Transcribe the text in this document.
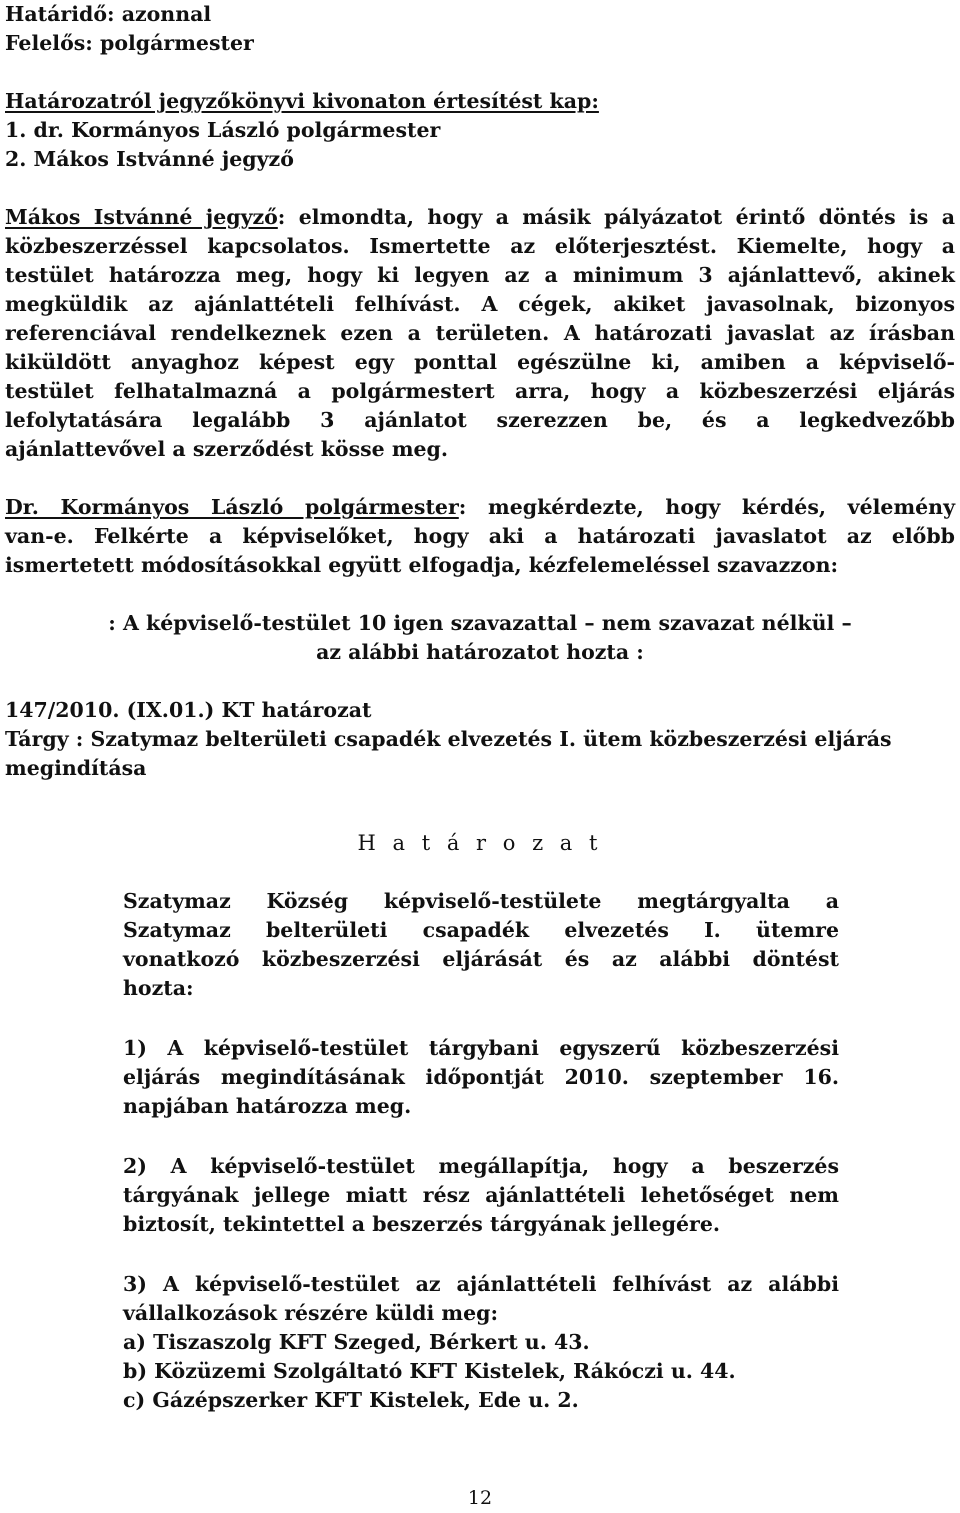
Határidő: azonnal

Felelős: polgármester

Határozatról jegyzőkönyvi kivonaton értesítést kap:

1. dr. Kormányos László polgármester

2. Mákos Istvánné jegyző

Mákos Istvánné jegyző: elmondta, hogy a másik pályázatot érintő döntés is a

közbeszerzéssel kapcsolatos. Ismertette az előterjesztést. Kiemelte, hogy a

testület határozza meg, hogy ki legyen az a minimum 3 ajánlattevő, akinek

megküldik az ajánlattételi felhívást. A cégek, akiket javasolnak, bizonyos

referenciával rendelkeznek ezen a területen. A határozati javaslat az írásban

kiküldött anyaghoz képest egy ponttal egészülne ki, amiben a képviselő-

testület felhatalmazná a polgármestert arra, hogy a közbeszerzési eljárás

lefolytatására legalább 3 ajánlatot szerezzen be, és a legkedvezőbb

ajánlattevővel a szerződést kösse meg.

Dr. Kormányos László polgármester: megkérdezte, hogy kérdés, vélemény

van-e. Felkérte a képviselőket, hogy aki a határozati javaslatot az előbb

ismertetett módosításokkal együtt elfogadja, kézfelemeléssel szavazzon:

: A képviselő-testület 10 igen szavazattal – nem szavazat nélkül –

az alábbi határozatot hozta :

147/2010. (IX.01.) KT határozat

Tárgy : Szatymaz belterületi csapadék elvezetés I. ütem közbeszerzési eljárás

megindítása

H a t á r o z a t

Szatymaz Község képviselő-testülete megtárgyalta a

Szatymaz belterületi csapadék elvezetés I. ütemre

vonatkozó közbeszerzési eljárását és az alábbi döntést

hozta:

1) A képviselő-testület tárgybani egyszerű közbeszerzési

eljárás megindításának időpontját 2010. szeptember 16.

napjában határozza meg.

2) A képviselő-testület megállapítja, hogy a beszerzés

tárgyának jellege miatt rész ajánlattételi lehetőséget nem

biztosít, tekintettel a beszerzés tárgyának jellegére.

3) A képviselő-testület az ajánlattételi felhívást az alábbi

vállalkozások részére küldi meg:

a) Tiszaszolg KFT Szeged, Bérkert u. 43.

b) Közüzemi Szolgáltató KFT Kistelek, Rákóczi u. 44.

c) Gázépszerker KFT Kistelek, Ede u. 2.

12
